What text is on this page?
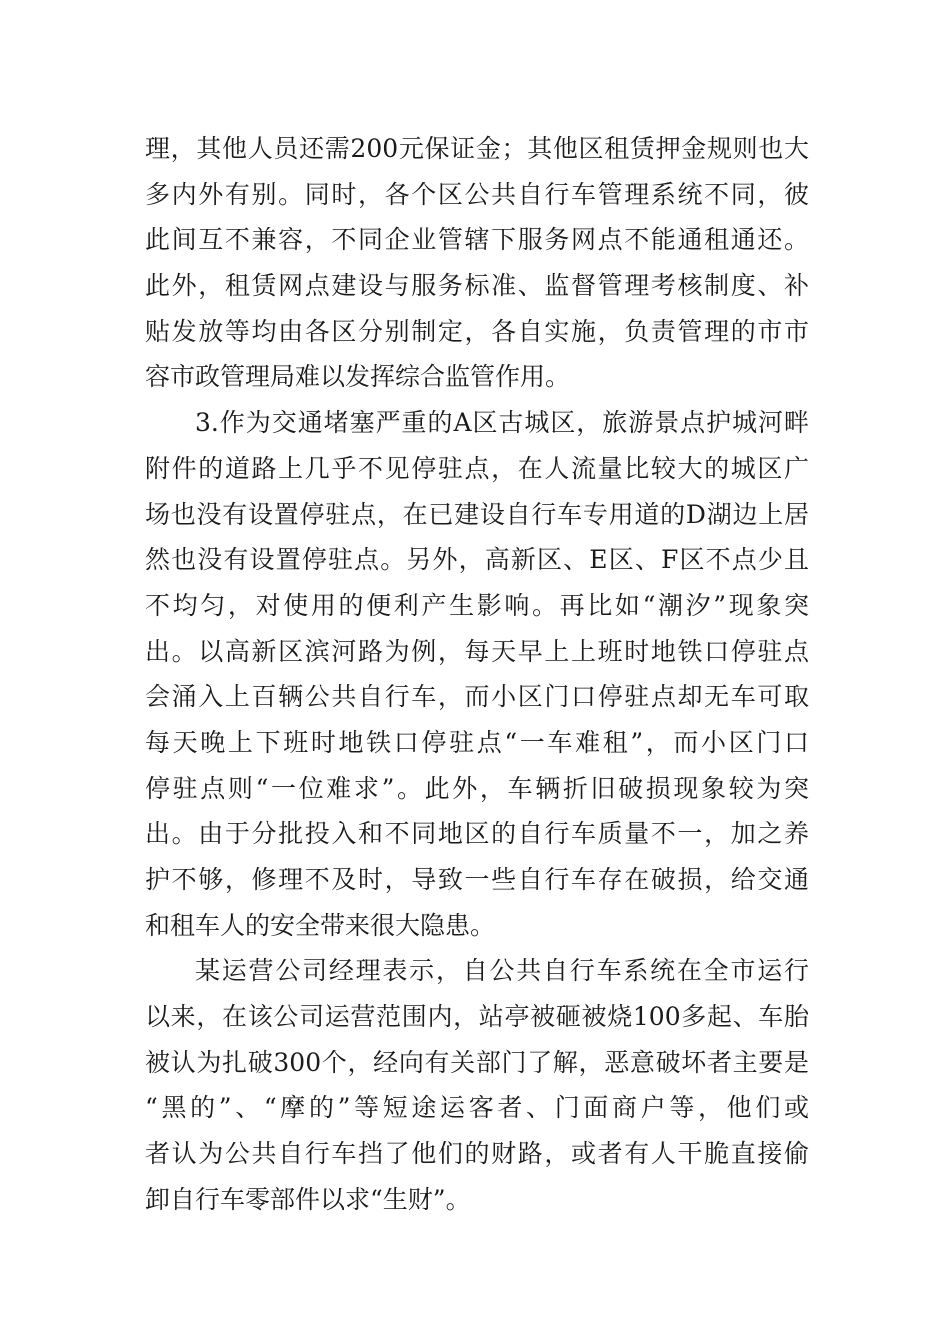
理，其他人员还需200元保证金；其他区租赁押金规则也大
多内外有别。同时，各个区公共自行车管理系统不同，彼
此间互不兼容，不同企业管辖下服务网点不能通租通还。
此外，租赁网点建设与服务标准、监督管理考核制度、补
贴发放等均由各区分别制定，各自实施，负责管理的市市
容市政管理局难以发挥综合监管作用。
3.作为交通堵塞严重的A区古城区，旅游景点护城河畔
附件的道路上几乎不见停驻点，在人流量比较大的城区广
场也没有设置停驻点，在已建设自行车专用道的D湖边上居
然也没有设置停驻点。另外，高新区、E区、F区不点少且
不均匀，对使用的便利产生影响。再比如“潮汐”现象突
出。以高新区滨河路为例，每天早上上班时地铁口停驻点
会涌入上百辆公共自行车，而小区门口停驻点却无车可取
每天晚上下班时地铁口停驻点“一车难租”，而小区门口
停驻点则“一位难求”。此外，车辆折旧破损现象较为突
出。由于分批投入和不同地区的自行车质量不一，加之养
护不够，修理不及时，导致一些自行车存在破损，给交通
和租车人的安全带来很大隐患。
某运营公司经理表示，自公共自行车系统在全市运行
以来，在该公司运营范围内，站亭被砸被烧100多起、车胎
被认为扎破300个，经向有关部门了解，恶意破坏者主要是
“黑的”、“摩的”等短途运客者、门面商户等，他们或
者认为公共自行车挡了他们的财路，或者有人干脆直接偷
卸自行车零部件以求“生财”。
